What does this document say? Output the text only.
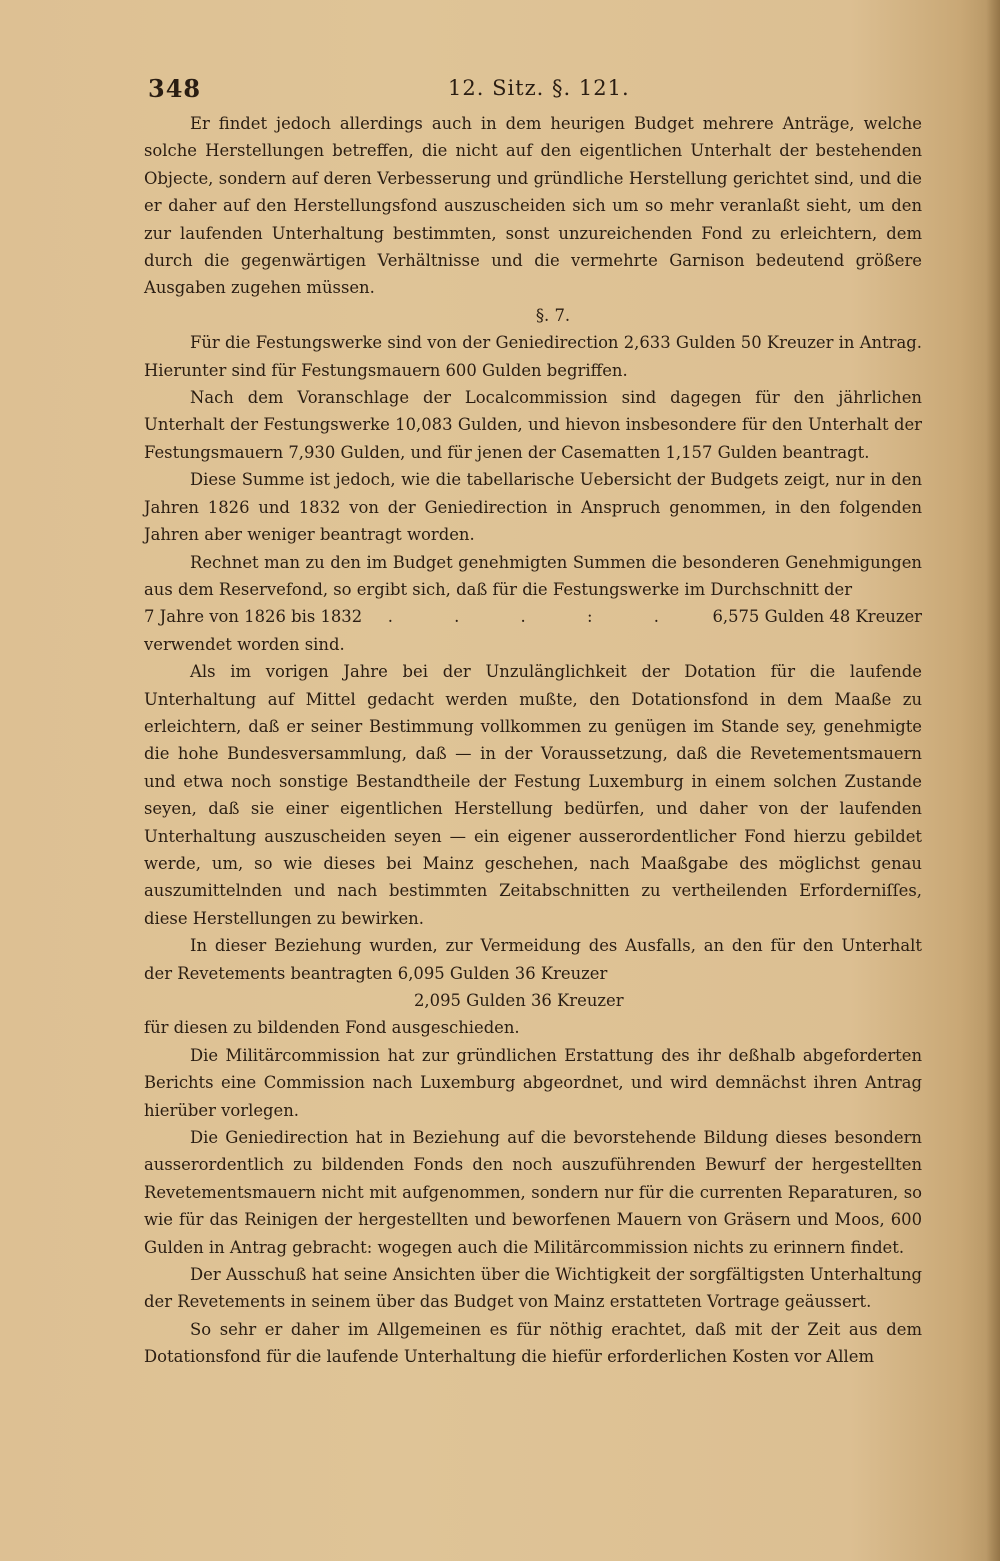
348	12. Sitz. §. 121.

Er findet jedoch allerdings auch in dem heurigen Budget mehrere Anträge, welche solche Herstellungen betreffen, die nicht auf den eigentlichen Unterhalt der bestehenden Objecte, sondern auf deren Verbesserung und gründliche Herstellung gerichtet sind, und die er daher auf den Herstellungsfond auszuscheiden sich um so mehr veranlaßt sieht, um den zur laufenden Unterhaltung bestimmten, sonst unzureichenden Fond zu erleichtern, dem durch die gegenwärtigen Verhältnisse und die vermehrte Garnison bedeutend größere Ausgaben zugehen müssen.

§. 7.

Für die Festungswerke sind von der Geniedirection 2,633 Gulden 50 Kreuzer in Antrag. Hierunter sind für Festungsmauern 600 Gulden begriffen.

Nach dem Voranschlage der Localcommission sind dagegen für den jährlichen Unterhalt der Festungswerke 10,083 Gulden, und hievon insbesondere für den Unterhalt der Festungsmauern 7,930 Gulden, und für jenen der Casematten 1,157 Gulden beantragt.

Diese Summe ist jedoch, wie die tabellarische Uebersicht der Budgets zeigt, nur in den Jahren 1826 und 1832 von der Geniedirection in Anspruch genommen, in den folgenden Jahren aber weniger beantragt worden.

Rechnet man zu den im Budget genehmigten Summen die besonderen Genehmigungen aus dem Reservefond, so ergibt sich, daß für die Festungswerke im Durchschnitt der

7 Jahre von 1826 bis 1832	. . . : .	6,575 Gulden 48 Kreuzer

verwendet worden sind.

Als im vorigen Jahre bei der Unzulänglichkeit der Dotation für die laufende Unterhaltung auf Mittel gedacht werden mußte, den Dotationsfond in dem Maaße zu erleichtern, daß er seiner Bestimmung vollkommen zu genügen im Stande sey, genehmigte die hohe Bundesversammlung, daß — in der Voraussetzung, daß die Revetementsmauern und etwa noch sonstige Bestandtheile der Festung Luxemburg in einem solchen Zustande seyen, daß sie einer eigentlichen Herstellung bedürfen, und daher von der laufenden Unterhaltung auszuscheiden seyen — ein eigener ausserordentlicher Fond hierzu gebildet werde, um, so wie dieses bei Mainz geschehen, nach Maaßgabe des möglichst genau auszumittelnden und nach bestimmten Zeitabschnitten zu vertheilenden Erforderniſſes, diese Herstellungen zu bewirken.

In dieser Beziehung wurden, zur Vermeidung des Ausfalls, an den für den Unterhalt der Revetements beantragten 6,095 Gulden 36 Kreuzer

2,095 Gulden 36 Kreuzer

für diesen zu bildenden Fond ausgeschieden.

Die Militärcommission hat zur gründlichen Erstattung des ihr deßhalb abgeforderten Berichts eine Commission nach Luxemburg abgeordnet, und wird demnächst ihren Antrag hierüber vorlegen.

Die Geniedirection hat in Beziehung auf die bevorstehende Bildung dieses besondern ausserordentlich zu bildenden Fonds den noch auszuführenden Bewurf der hergestellten Revetementsmauern nicht mit aufgenommen, sondern nur für die currenten Reparaturen, so wie für das Reinigen der hergestellten und beworfenen Mauern von Gräsern und Moos, 600 Gulden in Antrag gebracht: wogegen auch die Militärcommission nichts zu erinnern findet.

Der Ausschuß hat seine Ansichten über die Wichtigkeit der sorgfältigsten Unterhaltung der Revetements in seinem über das Budget von Mainz erstatteten Vortrage geäussert.

So sehr er daher im Allgemeinen es für nöthig erachtet, daß mit der Zeit aus dem Dotationsfond für die laufende Unterhaltung die hiefür erforderlichen Kosten vor Allem
